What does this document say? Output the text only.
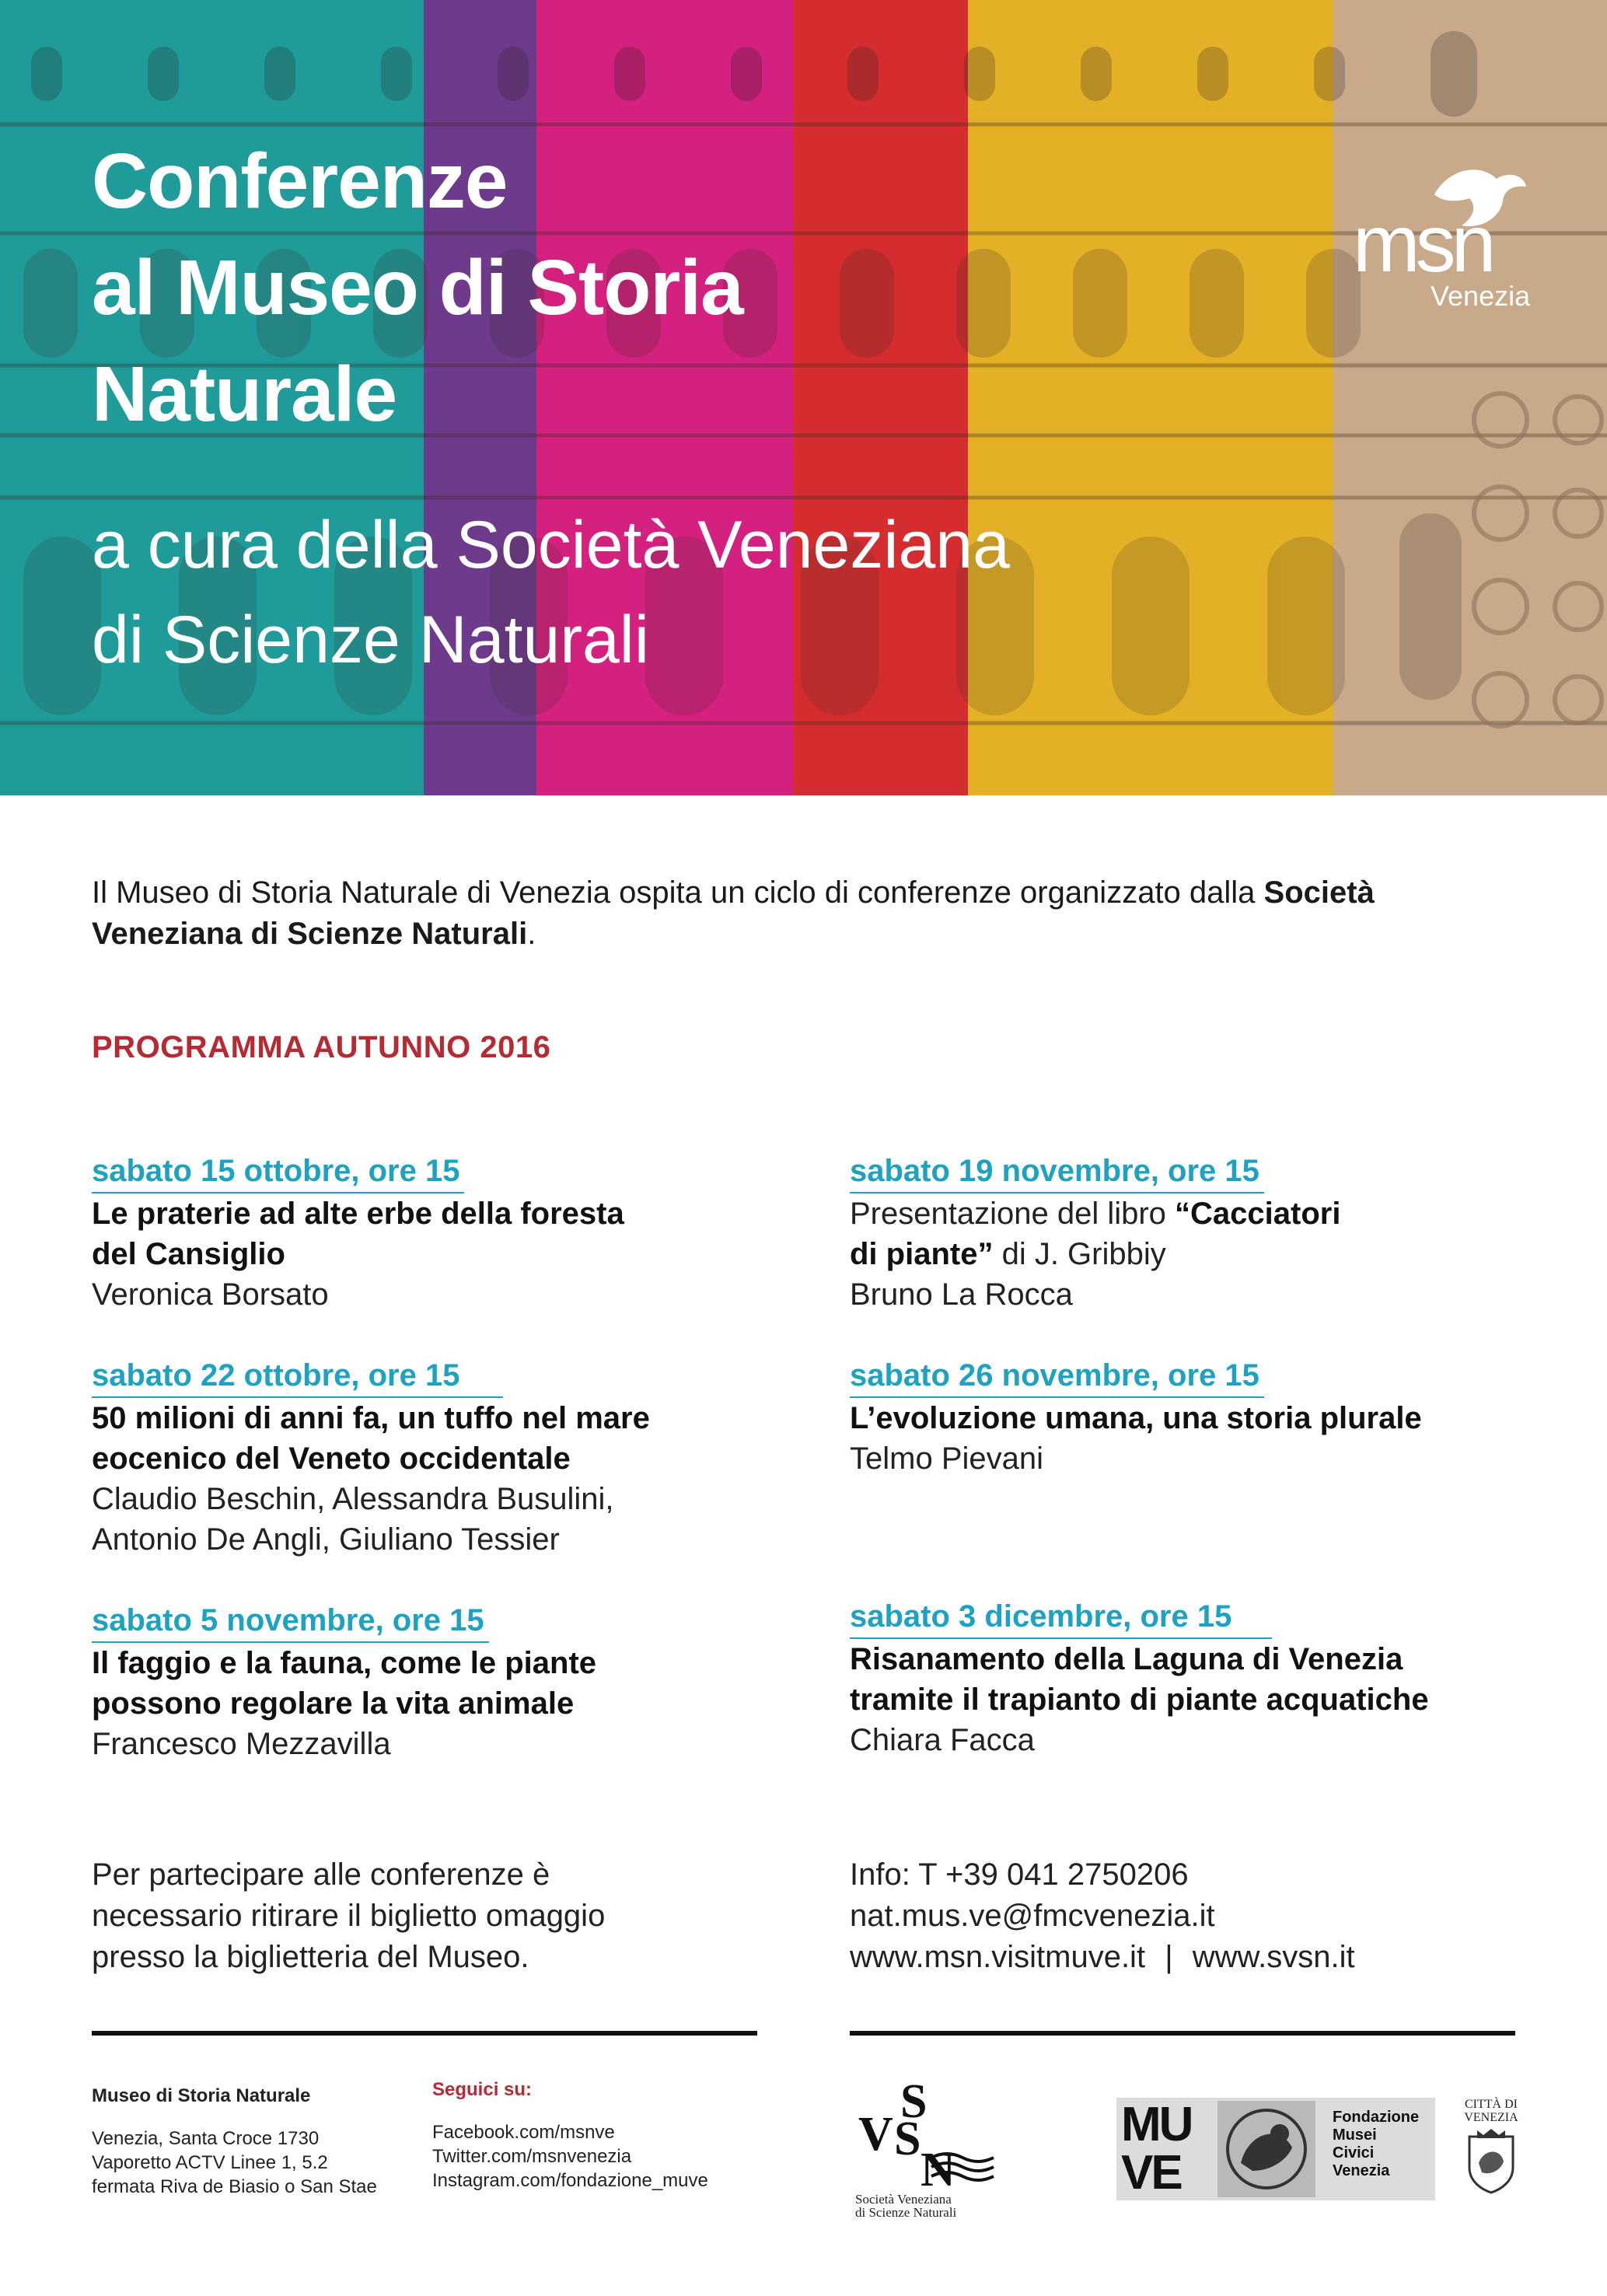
Conferenze
al Museo di Storia
Naturale
a cura della Società Veneziana
di Scienze Naturali
msn
Venezia

Il Museo di Storia Naturale di Venezia ospita un ciclo di conferenze organizzato dalla Società Veneziana di Scienze Naturali.

PROGRAMMA AUTUNNO 2016
sabato 15 ottobre, ore 15
Le praterie ad alte erbe della foresta
del Cansiglio
Veronica Borsato
sabato 22 ottobre, ore 15
50 milioni di anni fa, un tuffo nel mare
eocenico del Veneto occidentale
Claudio Beschin, Alessandra Busulini,
Antonio De Angli, Giuliano Tessier
sabato 5 novembre, ore 15
Il faggio e la fauna, come le piante
possono regolare la vita animale
Francesco Mezzavilla
sabato 19 novembre, ore 15
Presentazione del libro “Cacciatori
di piante” di J. Gribbiy
Bruno La Rocca
sabato 26 novembre, ore 15
L’evoluzione umana, una storia plurale
Telmo Pievani
sabato 3 dicembre, ore 15
Risanamento della Laguna di Venezia
tramite il trapianto di piante acquatiche
Chiara Facca
Per partecipare alle conferenze è
necessario ritirare il biglietto omaggio
presso la biglietteria del Museo.
Info: T +39 041 2750206
nat.mus.ve@fmcvenezia.it
www.msn.visitmuve.it | www.svsn.it
Museo di Storia Naturale
Venezia, Santa Croce 1730
Vaporetto ACTV Linee 1, 5.2
fermata Riva de Biasio o San Stae
Seguici su:
Facebook.com/msnve
Twitter.com/msnvenezia
Instagram.com/fondazione_muve
S
V S
N
Società Veneziana
di Scienze Naturali
MU
VE
Fondazione
Musei
Civici
Venezia
CITTÀ DI
VENEZIA
